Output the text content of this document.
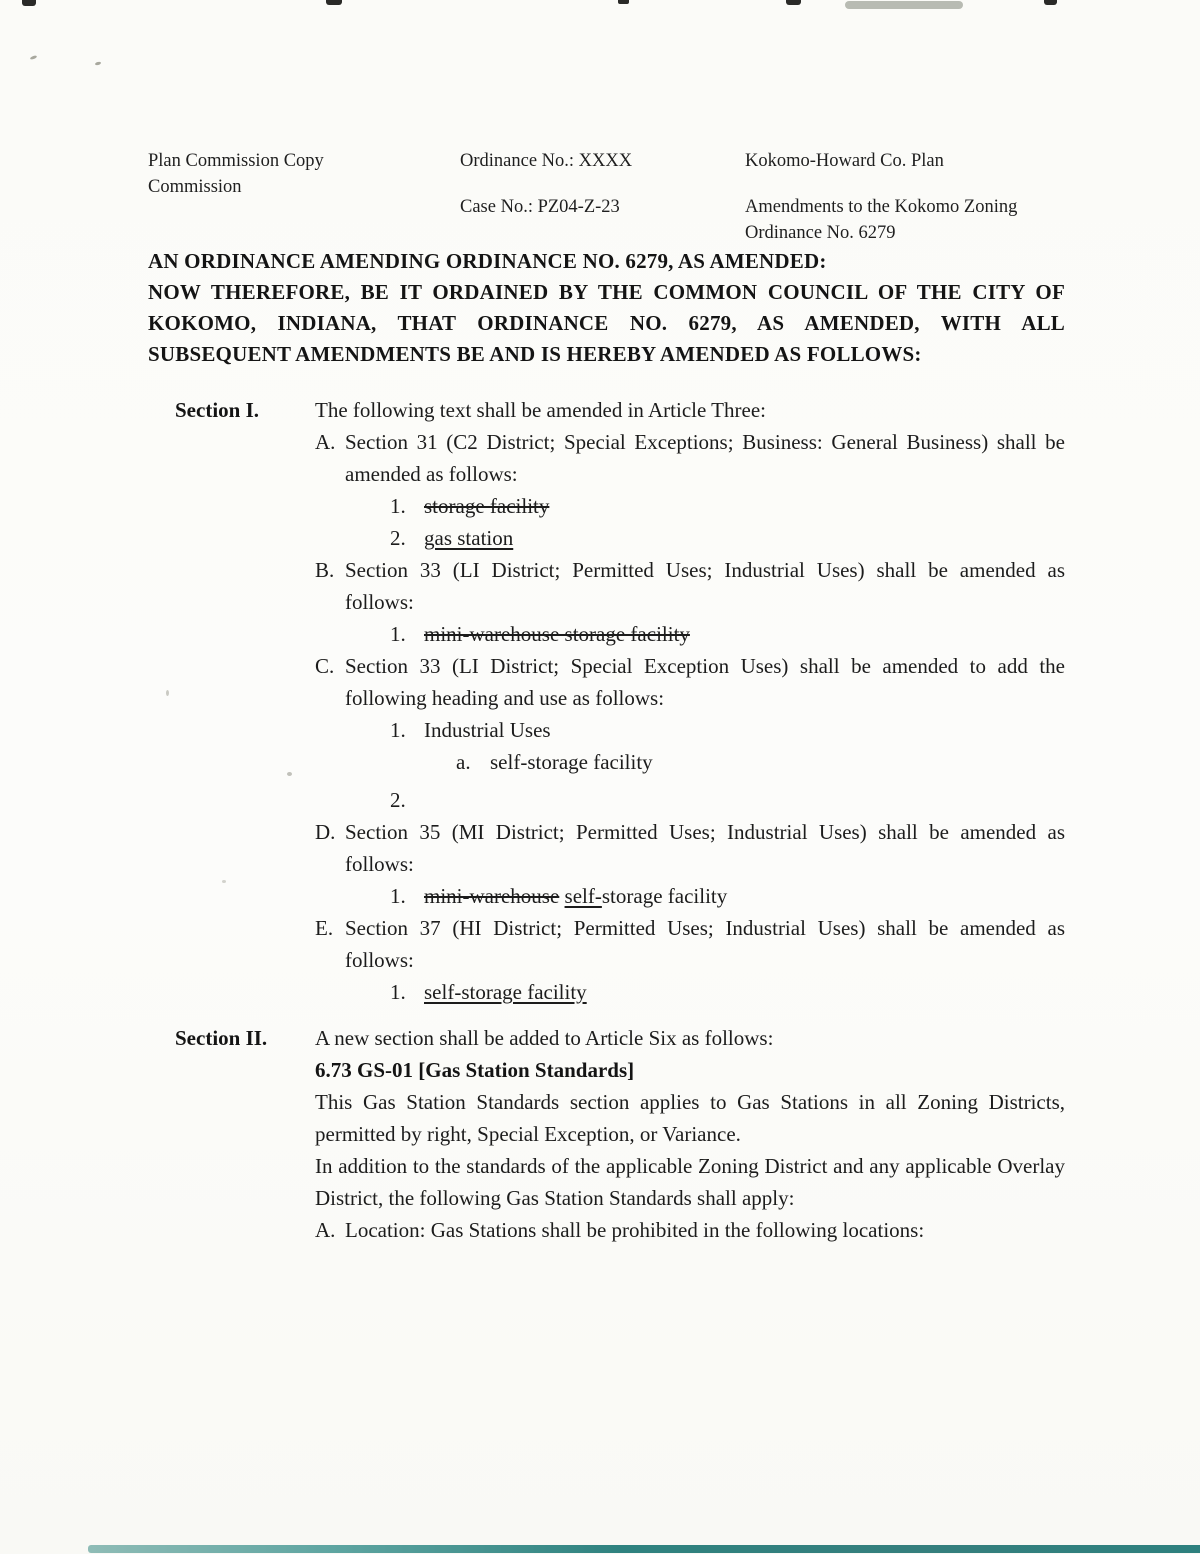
Plan Commission Copy
Commission
Ordinance No.: XXXX
Case No.: PZ04-Z-23
Kokomo-Howard Co. Plan
Amendments to the Kokomo Zoning
Ordinance No. 6279

AN ORDINANCE AMENDING ORDINANCE NO. 6279, AS AMENDED:

NOW THEREFORE, BE IT ORDAINED BY THE COMMON COUNCIL OF THE CITY OF KOKOMO, INDIANA, THAT ORDINANCE NO. 6279, AS AMENDED, WITH ALL SUBSEQUENT AMENDMENTS BE AND IS HEREBY AMENDED AS FOLLOWS:

Section I.	The following text shall be amended in Article Three:

A. Section 31 (C2 District; Special Exceptions; Business: General Business) shall be amended as follows:
1. storage facility
2. gas station
B. Section 33 (LI District; Permitted Uses; Industrial Uses) shall be amended as follows:
1. mini-warehouse storage facility
C. Section 33 (LI District; Special Exception Uses) shall be amended to add the following heading and use as follows:
1. Industrial Uses
a. self-storage facility
2.
D. Section 35 (MI District; Permitted Uses; Industrial Uses) shall be amended as follows:
1. mini-warehouse self-storage facility
E. Section 37 (HI District; Permitted Uses; Industrial Uses) shall be amended as follows:
1. self-storage facility
Section II.	A new section shall be added to Article Six as follows:

6.73 GS-01 [Gas Station Standards]

This Gas Station Standards section applies to Gas Stations in all Zoning Districts, permitted by right, Special Exception, or Variance.

In addition to the standards of the applicable Zoning District and any applicable Overlay District, the following Gas Station Standards shall apply:

A. Location: Gas Stations shall be prohibited in the following locations:
